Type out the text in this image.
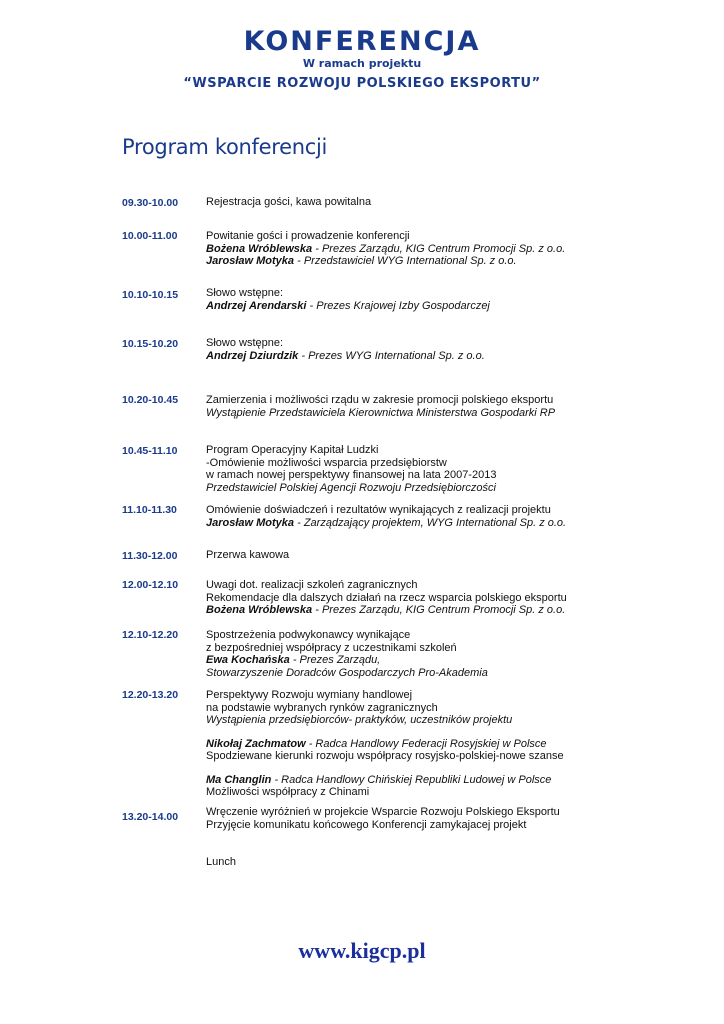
KONFERENCJA
W ramach projektu
“WSPARCIE ROZWOJU POLSKIEGO EKSPORTU”
Program konferencji
09.30-10.00	Rejestracja gości, kawa powitalna
10.00-11.00	Powitanie gości i prowadzenie konferencji
Bożena Wróblewska - Prezes Zarządu, KIG Centrum Promocji Sp. z o.o.
Jarosław Motyka - Przedstawiciel WYG International Sp. z o.o.
10.10-10.15	Słowo wstępne:
Andrzej Arendarski - Prezes Krajowej Izby Gospodarczej
10.15-10.20	Słowo wstępne:
Andrzej Dziurdzik - Prezes WYG International Sp. z o.o.
10.20-10.45	Zamierzenia i możliwości rządu w zakresie promocji polskiego eksportu
Wystąpienie Przedstawiciela Kierownictwa Ministerstwa Gospodarki RP
10.45-11.10	Program Operacyjny Kapitał Ludzki
-Omówienie możliwości wsparcia przedsiębiorstw
w ramach nowej perspektywy finansowej na lata 2007-2013
Przedstawiciel Polskiej Agencji Rozwoju Przedsiębiorczości
11.10-11.30	Omówienie doświadczeń i rezultatów wynikających z realizacji projektu
Jarosław Motyka - Zarządzający projektem, WYG International Sp. z o.o.
11.30-12.00	Przerwa kawowa
12.00-12.10	Uwagi dot. realizacji szkoleń zagranicznych
Rekomendacje dla dalszych działań na rzecz wsparcia polskiego eksportu
Bożena Wróblewska - Prezes Zarządu, KIG Centrum Promocji Sp. z o.o.
12.10-12.20	Spostrzeżenia podwykonawcy wynikające
z bezpośredniej współpracy z uczestnikami szkoleń
Ewa Kochańska - Prezes Zarządu,
Stowarzyszenie Doradców Gospodarczych Pro-Akademia
12.20-13.20	Perspektywy Rozwoju wymiany handlowej
na podstawie wybranych rynków zagranicznych
Wystąpienia przedsiębiorców- praktyków, uczestników projektu
Nikołaj Zachmatow - Radca Handlowy Federacji Rosyjskiej w Polsce
Spodziewane kierunki rozwoju współpracy rosyjsko-polskiej-nowe szanse
Ma Changlin - Radca Handlowy Chińskiej Republiki Ludowej w Polsce
Możliwości współpracy z Chinami
13.20-14.00	Wręczenie wyróżnień w projekcie Wsparcie Rozwoju Polskiego Eksportu
Przyjęcie komunikatu końcowego Konferencji zamykajacej projekt
Lunch
www.kigcp.pl
